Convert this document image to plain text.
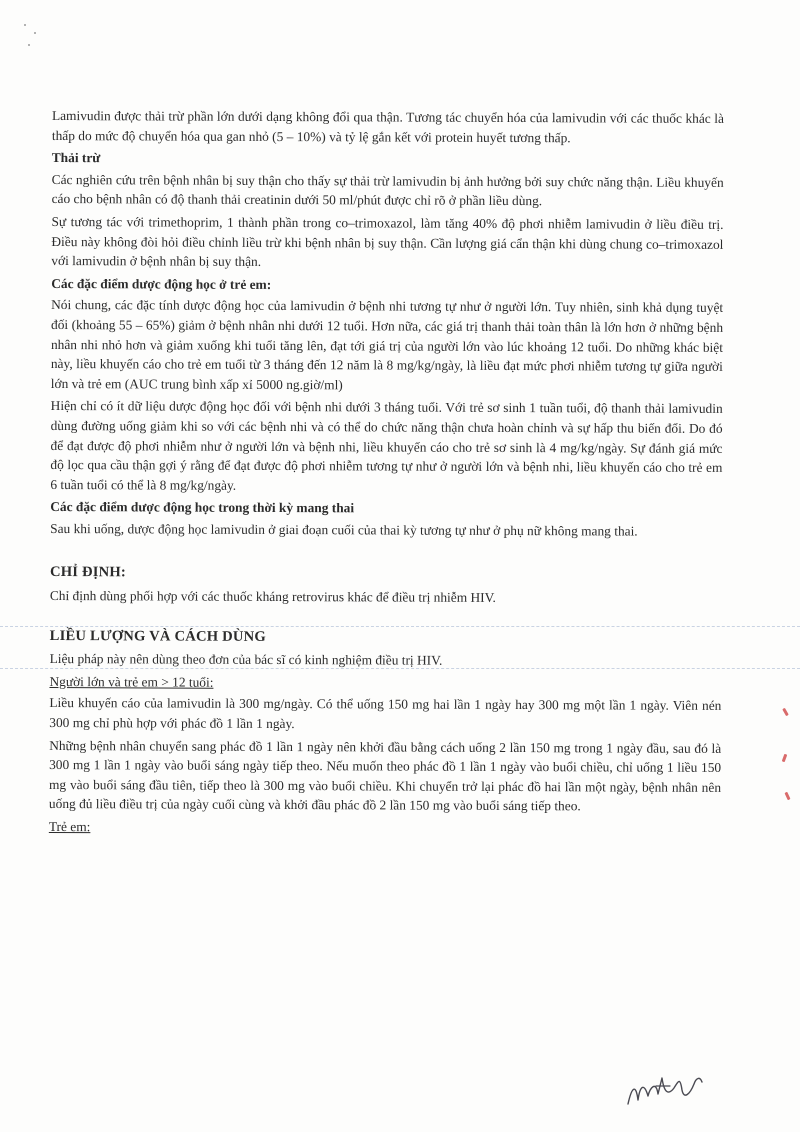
Lamivudin được thải trừ phần lớn dưới dạng không đổi qua thận. Tương tác chuyển hóa của lamivudin với các thuốc khác là thấp do mức độ chuyển hóa qua gan nhỏ (5 – 10%) và tỷ lệ gắn kết với protein huyết tương thấp.

Thải trừ

Các nghiên cứu trên bệnh nhân bị suy thận cho thấy sự thải trừ lamivudin bị ảnh hưởng bởi suy chức năng thận. Liều khuyến cáo cho bệnh nhân có độ thanh thải creatinin dưới 50 ml/phút được chỉ rõ ở phần liều dùng.

Sự tương tác với trimethoprim, 1 thành phần trong co–trimoxazol, làm tăng 40% độ phơi nhiễm lamivudin ở liều điều trị. Điều này không đòi hỏi điều chỉnh liều trừ khi bệnh nhân bị suy thận. Cần lượng giá cẩn thận khi dùng chung co–trimoxazol với lamivudin ở bệnh nhân bị suy thận.

Các đặc điểm dược động học ở trẻ em:

Nói chung, các đặc tính dược động học của lamivudin ở bệnh nhi tương tự như ở người lớn. Tuy nhiên, sinh khả dụng tuyệt đối (khoảng 55 – 65%) giảm ở bệnh nhân nhi dưới 12 tuổi. Hơn nữa, các giá trị thanh thải toàn thân là lớn hơn ở những bệnh nhân nhi nhỏ hơn và giảm xuống khi tuổi tăng lên, đạt tới giá trị của người lớn vào lúc khoảng 12 tuổi. Do những khác biệt này, liều khuyến cáo cho trẻ em tuổi từ 3 tháng đến 12 năm là 8 mg/kg/ngày, là liều đạt mức phơi nhiễm tương tự giữa người lớn và trẻ em (AUC trung bình xấp xỉ 5000 ng.giờ/ml)

Hiện chỉ có ít dữ liệu dược động học đối với bệnh nhi dưới 3 tháng tuổi. Với trẻ sơ sinh 1 tuần tuổi, độ thanh thải lamivudin dùng đường uống giảm khi so với các bệnh nhi và có thể do chức năng thận chưa hoàn chỉnh và sự hấp thu biến đổi. Do đó để đạt được độ phơi nhiễm như ở người lớn và bệnh nhi, liều khuyến cáo cho trẻ sơ sinh là 4 mg/kg/ngày. Sự đánh giá mức độ lọc qua cầu thận gợi ý rằng để đạt được độ phơi nhiễm tương tự như ở người lớn và bệnh nhi, liều khuyến cáo cho trẻ em 6 tuần tuổi có thể là 8 mg/kg/ngày.

Các đặc điểm dược động học trong thời kỳ mang thai

Sau khi uống, dược động học lamivudin ở giai đoạn cuối của thai kỳ tương tự như ở phụ nữ không mang thai.

CHỈ ĐỊNH:

Chỉ định dùng phối hợp với các thuốc kháng retrovirus khác để điều trị nhiễm HIV.

LIỀU LƯỢNG VÀ CÁCH DÙNG

Liệu pháp này nên dùng theo đơn của bác sĩ có kinh nghiệm điều trị HIV.

Người lớn và trẻ em > 12 tuổi:

Liều khuyến cáo của lamivudin là 300 mg/ngày. Có thể uống 150 mg hai lần 1 ngày hay 300 mg một lần 1 ngày. Viên nén 300 mg chỉ phù hợp với phác đồ 1 lần 1 ngày.

Những bệnh nhân chuyển sang phác đồ 1 lần 1 ngày nên khởi đầu bằng cách uống 2 lần 150 mg trong 1 ngày đầu, sau đó là 300 mg 1 lần 1 ngày vào buổi sáng ngày tiếp theo. Nếu muốn theo phác đồ 1 lần 1 ngày vào buổi chiều, chỉ uống 1 liều 150 mg vào buổi sáng đầu tiên, tiếp theo là 300 mg vào buổi chiều. Khi chuyển trở lại phác đồ hai lần một ngày, bệnh nhân nên uống đủ liều điều trị của ngày cuối cùng và khởi đầu phác đồ 2 lần 150 mg vào buổi sáng tiếp theo.

Trẻ em:
